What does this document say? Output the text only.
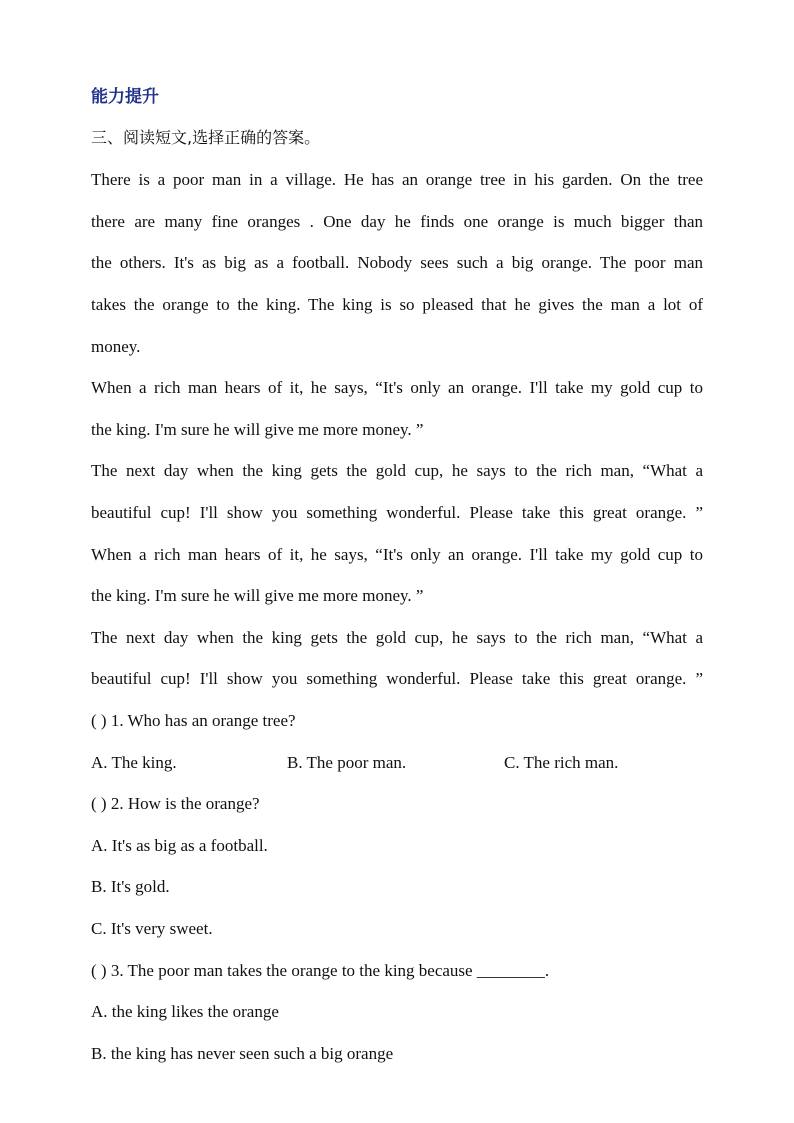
能力提升
三、阅读短文,选择正确的答案。
There is a poor man in a village. He has an orange tree in his garden. On the tree
there are many fine oranges . One day he finds one orange is much bigger than
the others. It's as big as a football. Nobody sees such a big orange. The poor man
takes the orange to the king. The king is so pleased that he gives the man a lot of
money.
When a rich man hears of it, he says, “It's only an orange. I'll take my gold cup to
the king. I'm sure he will give me more money. ”
The next day when the king gets the gold cup, he says to the rich man, “What a
beautiful cup! I'll show you something wonderful. Please take this great orange. ”
When a rich man hears of it, he says, “It's only an orange. I'll take my gold cup to
the king. I'm sure he will give me more money. ”
The next day when the king gets the gold cup, he says to the rich man, “What a
beautiful cup! I'll show you something wonderful. Please take this great orange. ”
( ) 1. Who has an orange tree?
A. The king.	B. The poor man.	C. The rich man.
( ) 2. How is the orange?
A. It's as big as a football.
B. It's gold.
C. It's very sweet.
( ) 3. The poor man takes the orange to the king because ________.
A. the king likes the orange
B. the king has never seen such a big orange
